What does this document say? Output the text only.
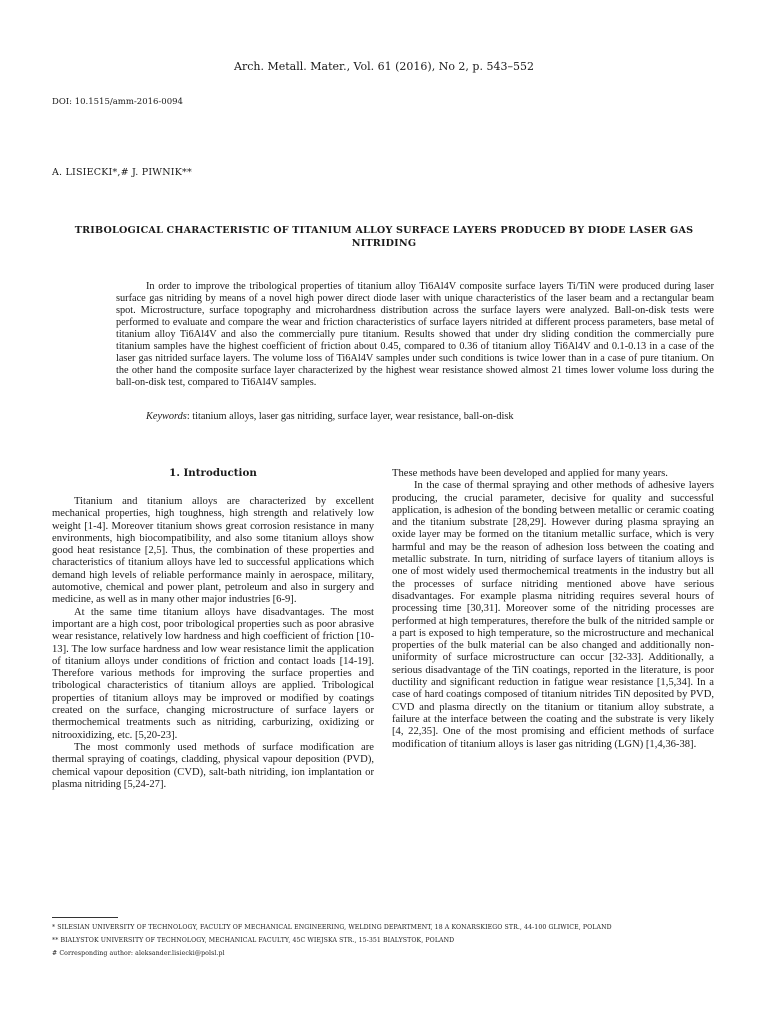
Arch. Metall. Mater., Vol. 61 (2016), No 2, p. 543–552
DOI: 10.1515/amm-2016-0094
A. LISIECKI*,# J. PIWNIK**
TRIBOLOGICAL CHARACTERISTIC OF TITANIUM ALLOY SURFACE LAYERS PRODUCED BY DIODE LASER GAS NITRIDING
In order to improve the tribological properties of titanium alloy Ti6Al4V composite surface layers Ti/TiN were produced during laser surface gas nitriding by means of a novel high power direct diode laser with unique characteristics of the laser beam and a rectangular beam spot. Microstructure, surface topography and microhardness distribution across the surface layers were analyzed. Ball-on-disk tests were performed to evaluate and compare the wear and friction characteristics of surface layers nitrided at different process parameters, base metal of titanium alloy Ti6Al4V and also the commercially pure titanium. Results showed that under dry sliding condition the commercially pure titanium samples have the highest coefficient of friction about 0.45, compared to 0.36 of titanium alloy Ti6Al4V and 0.1-0.13 in a case of the laser gas nitrided surface layers. The volume loss of Ti6Al4V samples under such conditions is twice lower than in a case of pure titanium. On the other hand the composite surface layer characterized by the highest wear resistance showed almost 21 times lower volume loss during the ball-on-disk test, compared to Ti6Al4V samples.
Keywords: titanium alloys, laser gas nitriding, surface layer, wear resistance, ball-on-disk
1. Introduction

Titanium and titanium alloys are characterized by excellent mechanical properties, high toughness, high strength and relatively low weight [1-4]. Moreover titanium shows great corrosion resistance in many environments, high biocompatibility, and also some titanium alloys show good heat resistance [2,5]. Thus, the combination of these properties and characteristics of titanium alloys have led to successful applications which demand high levels of reliable performance mainly in aerospace, military, automotive, chemical and power plant, petroleum and also in surgery and medicine, as well as in many other major industries [6-9].

At the same time titanium alloys have disadvantages. The most important are a high cost, poor tribological properties such as poor abrasive wear resistance, relatively low hardness and high coefficient of friction [10-13]. The low surface hardness and low wear resistance limit the application of titanium alloys under conditions of friction and contact loads [14-19]. Therefore various methods for improving the surface properties and tribological characteristics of titanium alloys are applied. Tribological properties of titanium alloys may be improved or modified by coatings created on the surface, changing microstructure of surface layers or thermochemical treatments such as nitriding, carburizing, oxidizing or nitrooxidizing, etc. [5,20-23].

The most commonly used methods of surface modification are thermal spraying of coatings, cladding, physical vapour deposition (PVD), chemical vapour deposition (CVD), salt-bath nitriding, ion implantation or plasma nitriding [5,24-27].

These methods have been developed and applied for many years.

In the case of thermal spraying and other methods of adhesive layers producing, the crucial parameter, decisive for quality and successful application, is adhesion of the bonding between metallic or ceramic coating and the titanium substrate [28,29]. However during plasma spraying an oxide layer may be formed on the titanium metallic surface, which is very harmful and may be the reason of adhesion loss between the coating and metallic substrate. In turn, nitriding of surface layers of titanium alloys is one of most widely used thermochemical treatments in the industry but all the processes of surface nitriding mentioned above have serious disadvantages. For example plasma nitriding requires several hours of processing time [30,31]. Moreover some of the nitriding processes are performed at high temperatures, therefore the bulk of the nitrided sample or a part is exposed to high temperature, so the microstructure and mechanical properties of the bulk material can be also changed and additionally non-uniformity of surface microstructure can occur [32-33]. Additionally, a serious disadvantage of the TiN coatings, reported in the literature, is poor ductility and significant reduction in fatigue wear resistance [1,5,34]. In a case of hard coatings composed of titanium nitrides TiN deposited by PVD, CVD and plasma directly on the titanium or titanium alloy substrate, a failure at the interface between the coating and the substrate is very likely [4, 22,35]. One of the most promising and efficient methods of surface modification of titanium alloys is laser gas nitriding (LGN) [1,4,36-38].

* SILESIAN UNIVERSITY OF TECHNOLOGY, FACULTY OF MECHANICAL ENGINEERING, WELDING DEPARTMENT, 18 A KONARSKIEGO STR., 44-100 GLIWICE, POLAND
** BIALYSTOK UNIVERSITY OF TECHNOLOGY, MECHANICAL FACULTY, 45C WIEJSKA STR., 15-351 BIALYSTOK, POLAND
# Corresponding author: aleksander.lisiecki@polsl.pl
